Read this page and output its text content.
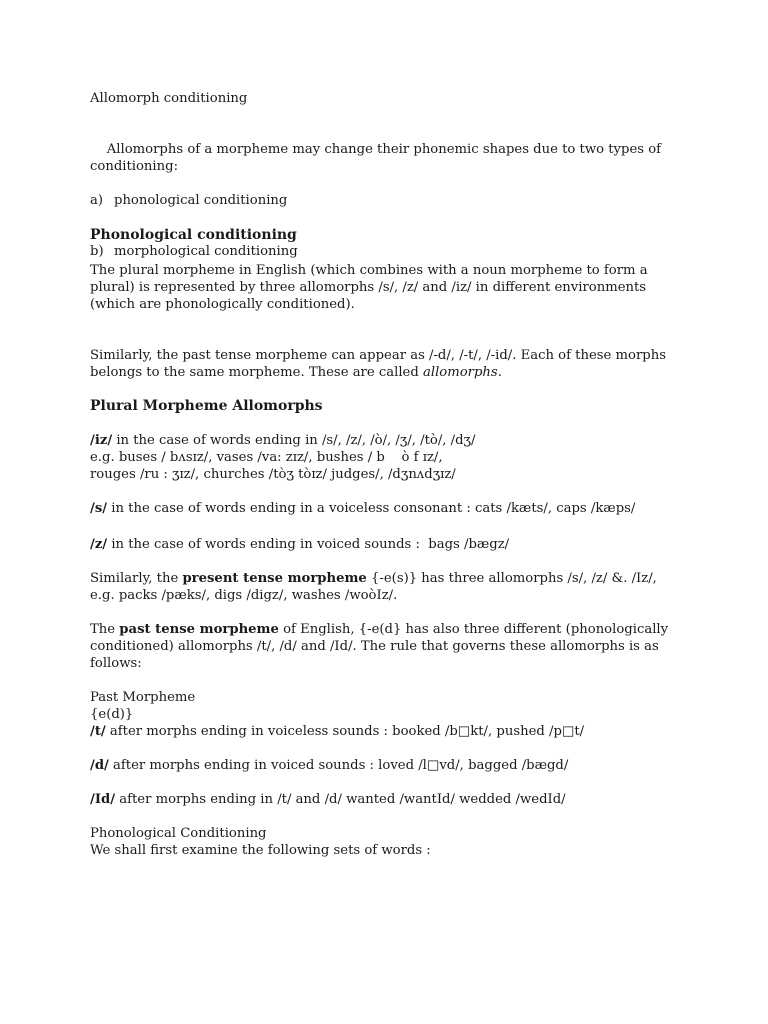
Allomorph conditioning

Allomorphs of a morpheme may change their phonemic shapes due to two types of conditioning:

a) phonological conditioning

b) morphological conditioning

Phonological conditioning
The plural morpheme in English (which combines with a noun morpheme to form a plural) is represented by three allomorphs /s/, /z/ and /iz/ in different environments (which are phonologically conditioned).
Similarly, the past tense morpheme can appear as /-d/, /-t/, /-id/. Each of these morphs belongs to the same morpheme. These are called allomorphs.
Plural Morpheme Allomorphs
/iz/ in the case of words ending in /s/, /z/, /ò/, /ʒ/, /tò/, /dʒ/
e.g. buses / bʌsɪz/, vases /va: zɪz/, bushes / b    ò f ɪz/,
rouges /ru : ʒɪz/, churches /tòʒ tòɪz/ judges/, /dʒnʌdʒɪz/
/s/ in the case of words ending in a voiceless consonant : cats /kæts/, caps /kæps/
/z/ in the case of words ending in voiced sounds :  bags /bægz/
Similarly, the present tense morpheme {-e(s)} has three allomorphs /s/, /z/ &. /Iz/,
e.g. packs /pæks/, digs /digz/, washes /woòIz/.
The past tense morpheme of English, {-e(d} has also three different (phonologically conditioned) allomorphs /t/, /d/ and /Id/. The rule that governs these allomorphs is as follows:
Past Morpheme
{e(d)}
/t/ after morphs ending in voiceless sounds : booked /b□kt/, pushed /p□t/
/d/ after morphs ending in voiced sounds : loved /l□vd/, bagged /bægd/
/Id/ after morphs ending in /t/ and /d/ wanted /wantId/ wedded /wedId/
Phonological Conditioning
We shall first examine the following sets of words :
